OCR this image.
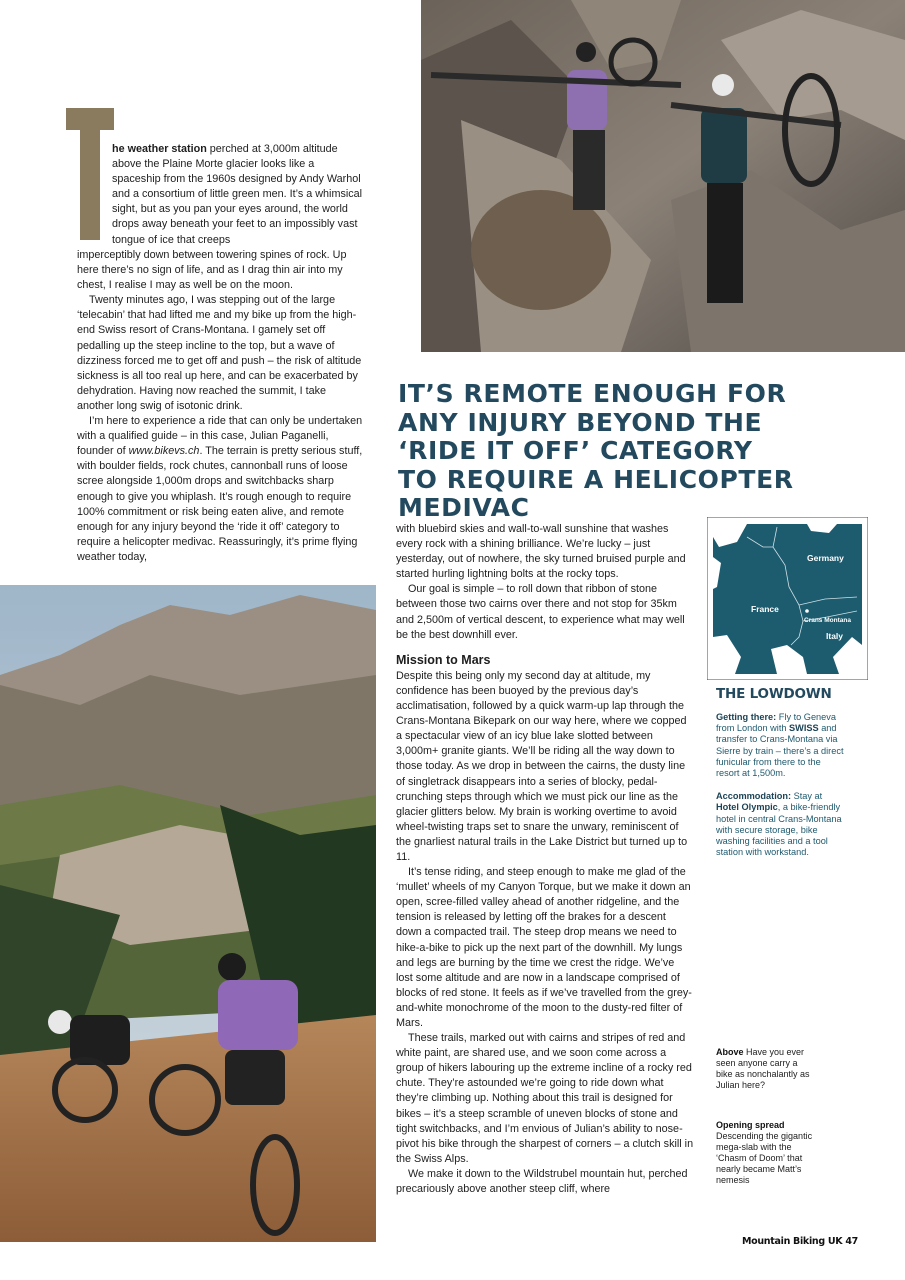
he weather station perched at 3,000m altitude above the Plaine Morte glacier looks like a spaceship from the 1960s designed by Andy Warhol and a consortium of little green men. It’s a whimsical sight, but as you pan your eyes around, the world drops away beneath your feet to an impossibly vast tongue of ice that creeps

imperceptibly down between towering spines of rock. Up here there’s no sign of life, and as I drag thin air into my chest, I realise I may as well be on the moon.

Twenty minutes ago, I was stepping out of the large ‘telecabin’ that had lifted me and my bike up from the high-end Swiss resort of Crans-Montana. I gamely set off pedalling up the steep incline to the top, but a wave of dizziness forced me to get off and push – the risk of altitude sickness is all too real up here, and can be exacerbated by dehydration. Having now reached the summit, I take another long swig of isotonic drink.

I’m here to experience a ride that can only be undertaken with a qualified guide – in this case, Julian Paganelli, founder of www.bikevs.ch. The terrain is pretty serious stuff, with boulder fields, rock chutes, cannonball runs of loose scree alongside 1,000m drops and switchbacks sharp enough to give you whiplash. It’s rough enough to require 100% commitment or risk being eaten alive, and remote enough for any injury beyond the ‘ride it off’ category to require a helicopter medivac. Reassuringly, it’s prime flying weather today,

IT’S REMOTE ENOUGH FOR ANY INJURY BEYOND THE ‘RIDE IT OFF’ CATEGORY TO REQUIRE A HELICOPTER MEDIVAC

with bluebird skies and wall-to-wall sunshine that washes every rock with a shining brilliance. We’re lucky – just yesterday, out of nowhere, the sky turned bruised purple and started hurling lightning bolts at the rocky tops.

Our goal is simple – to roll down that ribbon of stone between those two cairns over there and not stop for 35km and 2,500m of vertical descent, to experience what may well be the best downhill ever.

Mission to Mars

Despite this being only my second day at altitude, my confidence has been buoyed by the previous day’s acclimatisation, followed by a quick warm-up lap through the Crans-Montana Bikepark on our way here, where we copped a spectacular view of an icy blue lake slotted between 3,000m+ granite giants. We’ll be riding all the way down to those today. As we drop in between the cairns, the dusty line of singletrack disappears into a series of blocky, pedal-crunching steps through which we must pick our line as the glacier glitters below. My brain is working overtime to avoid wheel-twisting traps set to snare the unwary, reminiscent of the gnarliest natural trails in the Lake District but turned up to 11.

It’s tense riding, and steep enough to make me glad of the ‘mullet’ wheels of my Canyon Torque, but we make it down an open, scree-filled valley ahead of another ridgeline, and the tension is released by letting off the brakes for a descent down a compacted trail. The steep drop means we need to hike-a-bike to pick up the next part of the downhill. My lungs and legs are burning by the time we crest the ridge. We’ve lost some altitude and are now in a landscape comprised of blocks of red stone. It feels as if we’ve travelled from the grey-and-white monochrome of the moon to the dusty-red filter of Mars.

These trails, marked out with cairns and stripes of red and white paint, are shared use, and we soon come across a group of hikers labouring up the extreme incline of a rocky red chute. They’re astounded we’re going to ride down what they’re climbing up. Nothing about this trail is designed for bikes – it’s a steep scramble of uneven blocks of stone and tight switchbacks, and I’m envious of Julian’s ability to nose-pivot his bike through the sharpest of corners – a clutch skill in the Swiss Alps.

We make it down to the Wildstrubel mountain hut, perched precariously above another steep cliff, where

Germany
France
Crans Montana
Italy
THE LOWDOWN

Getting there: Fly to Geneva from London with SWISS and transfer to Crans-Montana via Sierre by train – there’s a direct funicular from there to the resort at 1,500m.

Accommodation: Stay at Hotel Olympic, a bike-friendly hotel in central Crans-Montana with secure storage, bike washing facilities and a tool station with workstand.

Above Have you ever seen anyone carry a bike as nonchalantly as Julian here?
Opening spread
Descending the gigantic mega-slab with the ‘Chasm of Doom’ that nearly became Matt’s nemesis
Mountain Biking UK 47
